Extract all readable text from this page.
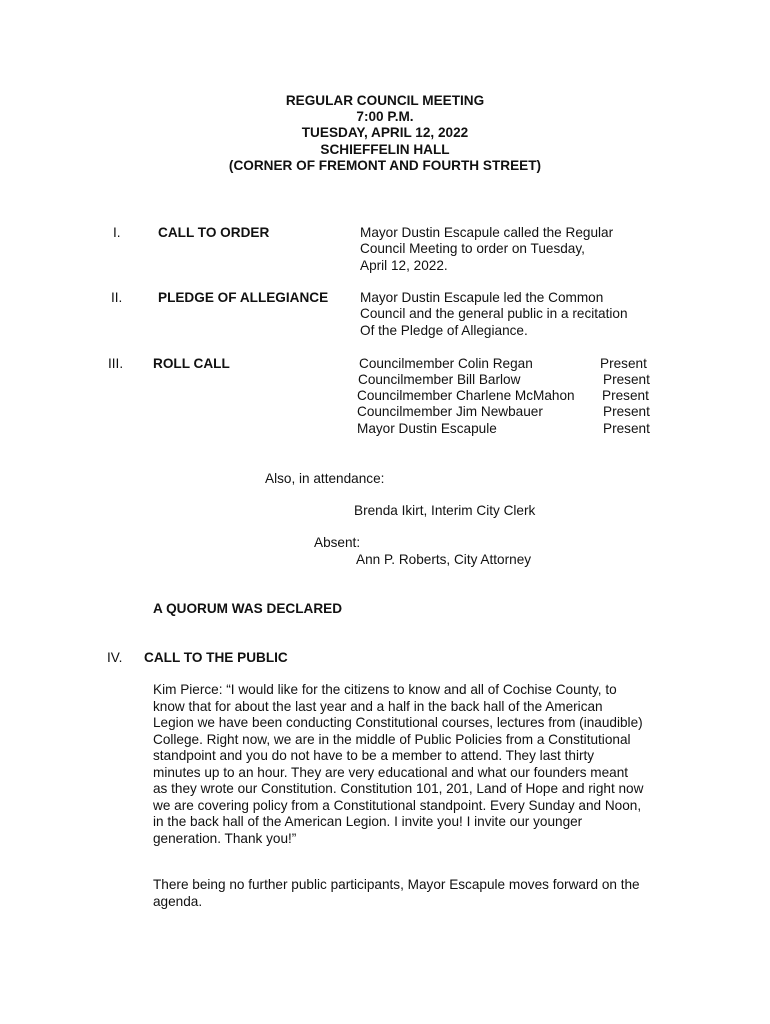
REGULAR COUNCIL MEETING
7:00 P.M.
TUESDAY, APRIL 12, 2022
SCHIEFFELIN HALL
(CORNER OF FREMONT AND FOURTH STREET)
I.	CALL TO ORDER	Mayor Dustin Escapule called the Regular
Council Meeting to order on Tuesday,
April 12, 2022.
II.	PLEDGE OF ALLEGIANCE Mayor Dustin Escapule led the Common
Council and the general public in a recitation
Of the Pledge of Allegiance.
III. ROLL CALL	Councilmember Colin Regan	Present
Councilmember Bill Barlow	Present
Councilmember Charlene McMahon Present
Councilmember Jim Newbauer	Present
Mayor Dustin Escapule	Present
Also, in attendance:
Brenda Ikirt, Interim City Clerk
Absent:
Ann P. Roberts, City Attorney
A QUORUM WAS DECLARED
IV. CALL TO THE PUBLIC
Kim Pierce: “I would like for the citizens to know and all of Cochise County, to
know that for about the last year and a half in the back hall of the American
Legion we have been conducting Constitutional courses, lectures from (inaudible)
College. Right now, we are in the middle of Public Policies from a Constitutional
standpoint and you do not have to be a member to attend. They last thirty
minutes up to an hour. They are very educational and what our founders meant
as they wrote our Constitution. Constitution 101, 201, Land of Hope and right now
we are covering policy from a Constitutional standpoint. Every Sunday and Noon,
in the back hall of the American Legion. I invite you! I invite our younger
generation. Thank you!”
There being no further public participants, Mayor Escapule moves forward on the
agenda.
